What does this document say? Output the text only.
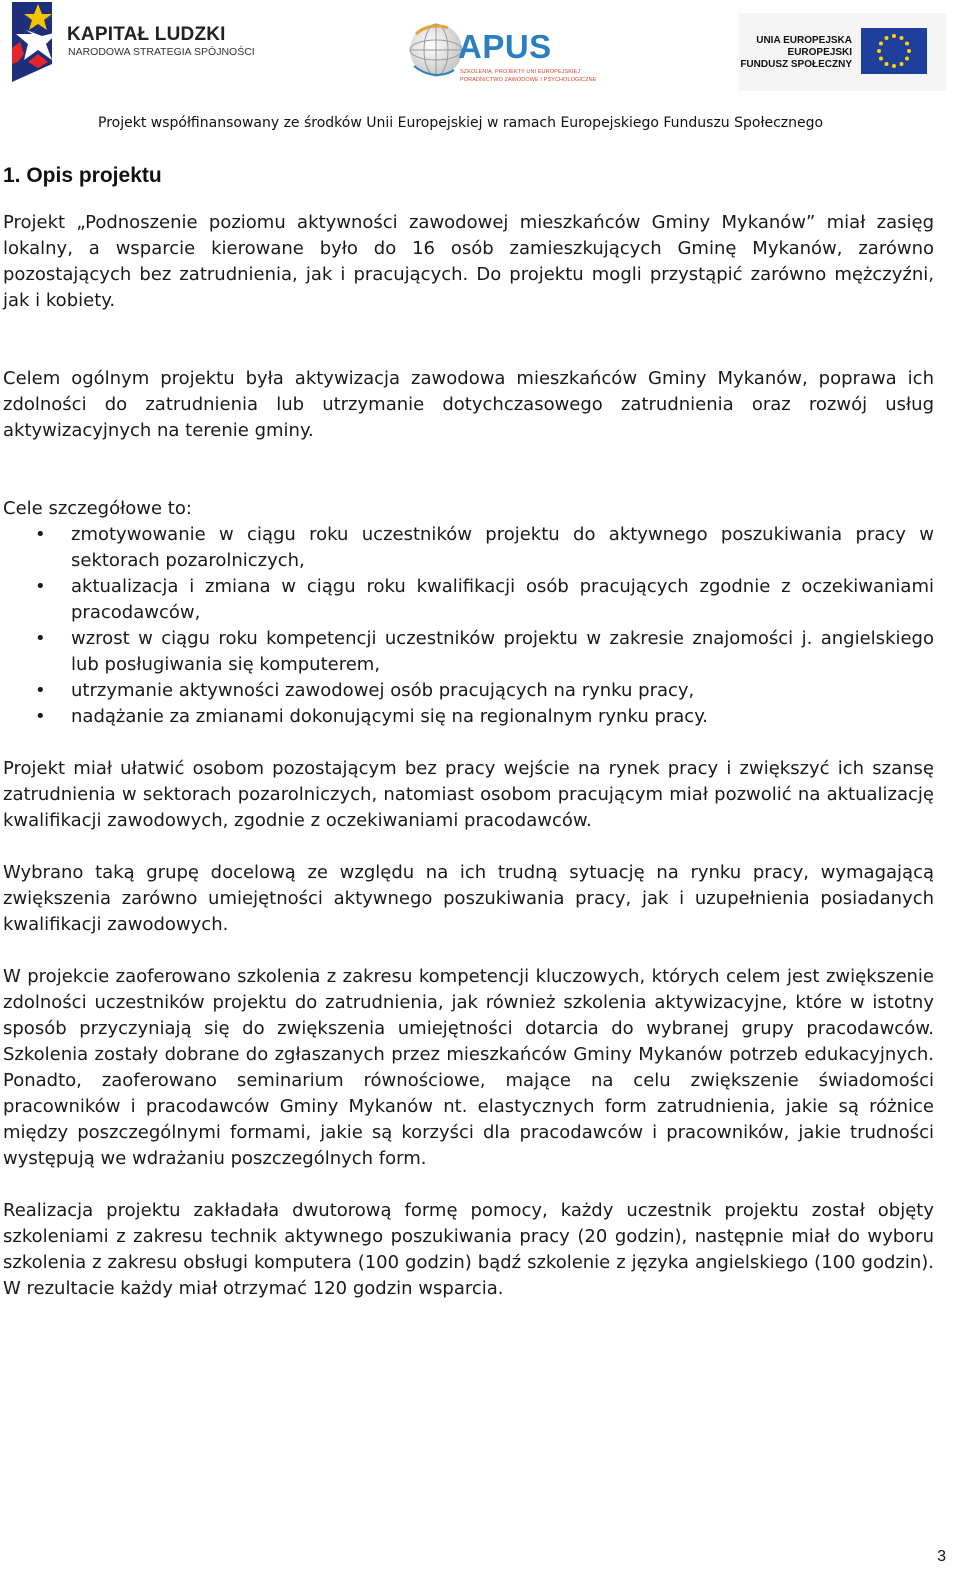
KAPITAŁ LUDZKI
NARODOWA STRATEGIA SPÓJNOŚCI	APUS
SZKOLENIA, PROJEKTY UNI EUROPEJSKIEJ
PORADNICTWO ZAWODOWE I PSYCHOLOGICZNE
UNIA EUROPEJSKA
EUROPEJSKI
FUNDUSZ SPOŁECZNY
Projekt współfinansowany ze środków Unii Europejskiej w ramach Europejskiego Funduszu Społecznego
1. Opis projektu

Projekt „Podnoszenie poziomu aktywności zawodowej mieszkańców Gminy Mykanów” miał zasięg lokalny, a wsparcie kierowane było do 16 osób zamieszkujących Gminę Mykanów, zarówno pozostających bez zatrudnienia, jak i pracujących. Do projektu mogli przystąpić zarówno mężczyźni, jak i kobiety.

Celem ogólnym projektu była aktywizacja zawodowa mieszkańców Gminy Mykanów, poprawa ich zdolności do zatrudnienia lub utrzymanie dotychczasowego zatrudnienia oraz rozwój usług aktywizacyjnych na terenie gminy.

Cele szczegółowe to:

• zmotywowanie w ciągu roku uczestników projektu do aktywnego poszukiwania pracy w sektorach pozarolniczych,
• aktualizacja i zmiana w ciągu roku kwalifikacji osób pracujących zgodnie z oczekiwaniami pracodawców,
• wzrost w ciągu roku kompetencji uczestników projektu w zakresie znajomości j. angielskiego lub posługiwania się komputerem,
• utrzymanie aktywności zawodowej osób pracujących na rynku pracy,
• nadążanie za zmianami dokonującymi się na regionalnym rynku pracy.

Projekt miał ułatwić osobom pozostającym bez pracy wejście na rynek pracy i zwiększyć ich szansę zatrudnienia w sektorach pozarolniczych, natomiast osobom pracującym miał pozwolić na aktualizację kwalifikacji zawodowych, zgodnie z oczekiwaniami pracodawców.

Wybrano taką grupę docelową ze względu na ich trudną sytuację na rynku pracy, wymagającą zwiększenia zarówno umiejętności aktywnego poszukiwania pracy, jak i uzupełnienia posiadanych kwalifikacji zawodowych.

W projekcie zaoferowano szkolenia z zakresu kompetencji kluczowych, których celem jest zwiększenie zdolności uczestników projektu do zatrudnienia, jak również szkolenia aktywizacyjne, które w istotny sposób przyczyniają się do zwiększenia umiejętności dotarcia do wybranej grupy pracodawców. Szkolenia zostały dobrane do zgłaszanych przez mieszkańców Gminy Mykanów potrzeb edukacyjnych. Ponadto, zaoferowano seminarium równościowe, mające na celu zwiększenie świadomości pracowników i pracodawców Gminy Mykanów nt. elastycznych form zatrudnienia, jakie są różnice między poszczególnymi formami, jakie są korzyści dla pracodawców i pracowników, jakie trudności występują we wdrażaniu poszczególnych form.

Realizacja projektu zakładała dwutorową formę pomocy, każdy uczestnik projektu został objęty szkoleniami z zakresu technik aktywnego poszukiwania pracy (20 godzin), następnie miał do wyboru szkolenia z zakresu obsługi komputera (100 godzin) bądź szkolenie z języka angielskiego (100 godzin). W rezultacie każdy miał otrzymać 120 godzin wsparcia.

3
